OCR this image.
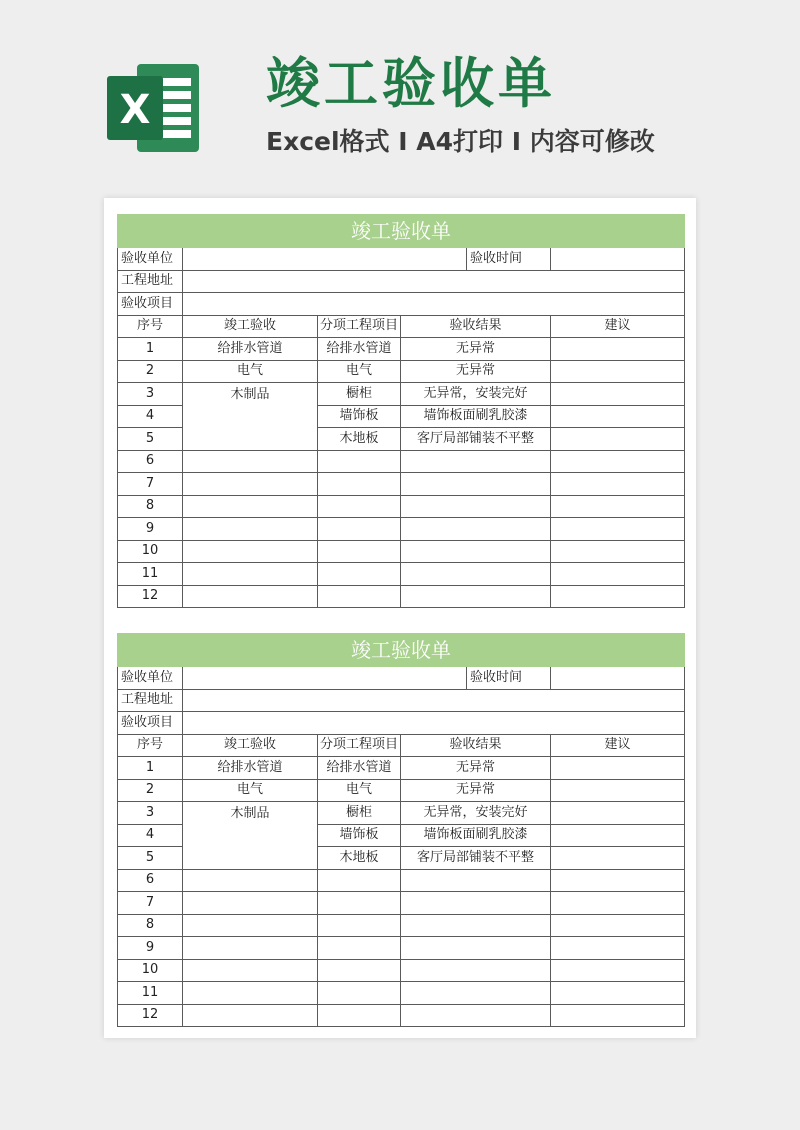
X 竣工验收单
Excel格式 I A4打印 I 内容可修改
竣工验收单					
验收单位				验收时间	
工程地址					
验收项目					
序号	竣工验收	分项工程项目	验收结果		建议
1	给排水管道	给排水管道	无异常		
2	电气	电气	无异常		
3	木制品	橱柜	无异常，安装完好		
4		墙饰板	墙饰板面刷乳胶漆		
5		木地板	客厅局部铺装不平整		
6					
7					
8					
9					
10					
11					
12					
竣工验收单					
验收单位				验收时间	
工程地址					
验收项目					
序号	竣工验收	分项工程项目	验收结果		建议
1	给排水管道	给排水管道	无异常		
2	电气	电气	无异常		
3	木制品	橱柜	无异常，安装完好		
4		墙饰板	墙饰板面刷乳胶漆		
5		木地板	客厅局部铺装不平整		
6					
7					
8					
9					
10					
11					
12					
